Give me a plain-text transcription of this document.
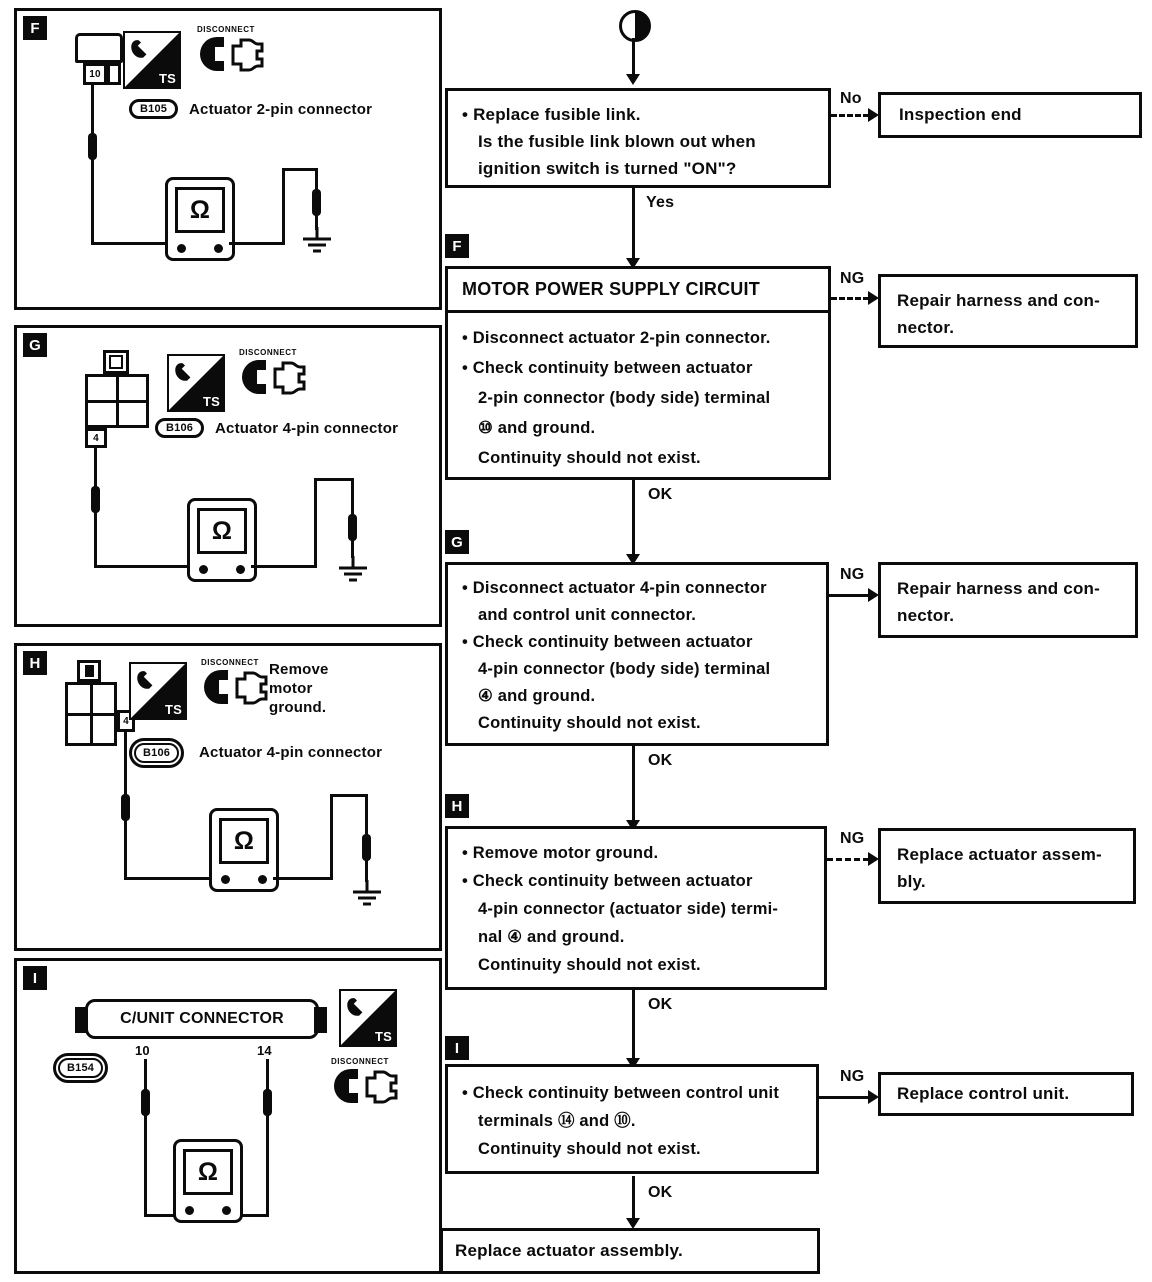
F
10	TS
DISCONNECT
B105	Actuator 2-pin connector
Ω
G
4
TS
DISCONNECT
B106	Actuator 4-pin connector
Ω
H
4
TS
DISCONNECT Remove
motor
ground.
B106	Actuator 4-pin connector
Ω
I
C/UNIT CONNECTOR
B154
10	14
Ω
TS
DISCONNECT
• Replace fusible link.
Is the fusible link blown out when
ignition switch is turned "ON"?
No
Inspection end
Yes
F
MOTOR POWER SUPPLY CIRCUIT
• Disconnect actuator 2-pin connector.
• Check continuity between actuator
2-pin connector (body side) terminal
⑩ and ground.
Continuity should not exist.
NG
Repair harness and con-
nector.
OK
G
• Disconnect actuator 4-pin connector
and control unit connector.
• Check continuity between actuator
4-pin connector (body side) terminal
④ and ground.
Continuity should not exist.
NG
Repair harness and con-
nector.
OK
H
• Remove motor ground.
• Check continuity between actuator
4-pin connector (actuator side) termi-
nal ④ and ground.
Continuity should not exist.
NG
Replace actuator assem-
bly.
OK
I
• Check continuity between control unit
terminals ⑭ and ⑩.
Continuity should not exist.
NG
Replace control unit.
OK
Replace actuator assembly.
